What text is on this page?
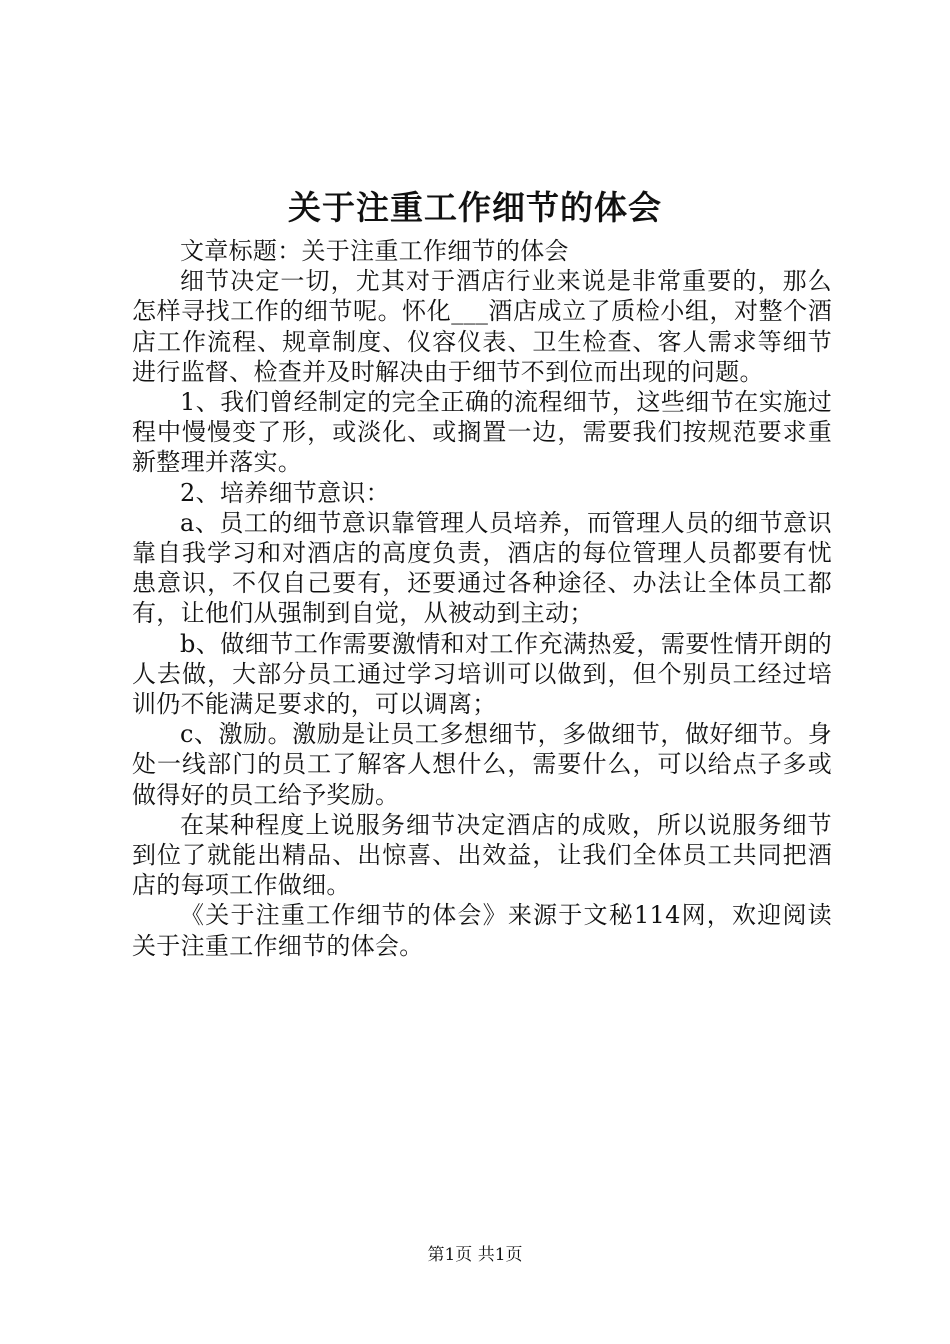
关于注重工作细节的体会

文章标题：关于注重工作细节的体会

细节决定一切，尤其对于酒店行业来说是非常重要的，那么怎样寻找工作的细节呢。怀化___酒店成立了质检小组，对整个酒店工作流程、规章制度、仪容仪表、卫生检查、客人需求等细节进行监督、检查并及时解决由于细节不到位而出现的问题。

1、我们曾经制定的完全正确的流程细节，这些细节在实施过程中慢慢变了形，或淡化、或搁置一边，需要我们按规范要求重新整理并落实。

2、培养细节意识：

a、员工的细节意识靠管理人员培养，而管理人员的细节意识靠自我学习和对酒店的高度负责，酒店的每位管理人员都要有忧患意识，不仅自己要有，还要通过各种途径、办法让全体员工都有，让他们从强制到自觉，从被动到主动；

b、做细节工作需要激情和对工作充满热爱，需要性情开朗的人去做，大部分员工通过学习培训可以做到，但个别员工经过培训仍不能满足要求的，可以调离；

c、激励。激励是让员工多想细节，多做细节，做好细节。身处一线部门的员工了解客人想什么，需要什么，可以给点子多或做得好的员工给予奖励。

在某种程度上说服务细节决定酒店的成败，所以说服务细节到位了就能出精品、出惊喜、出效益，让我们全体员工共同把酒店的每项工作做细。

《关于注重工作细节的体会》来源于文秘114网，欢迎阅读关于注重工作细节的体会。

第1页 共1页
